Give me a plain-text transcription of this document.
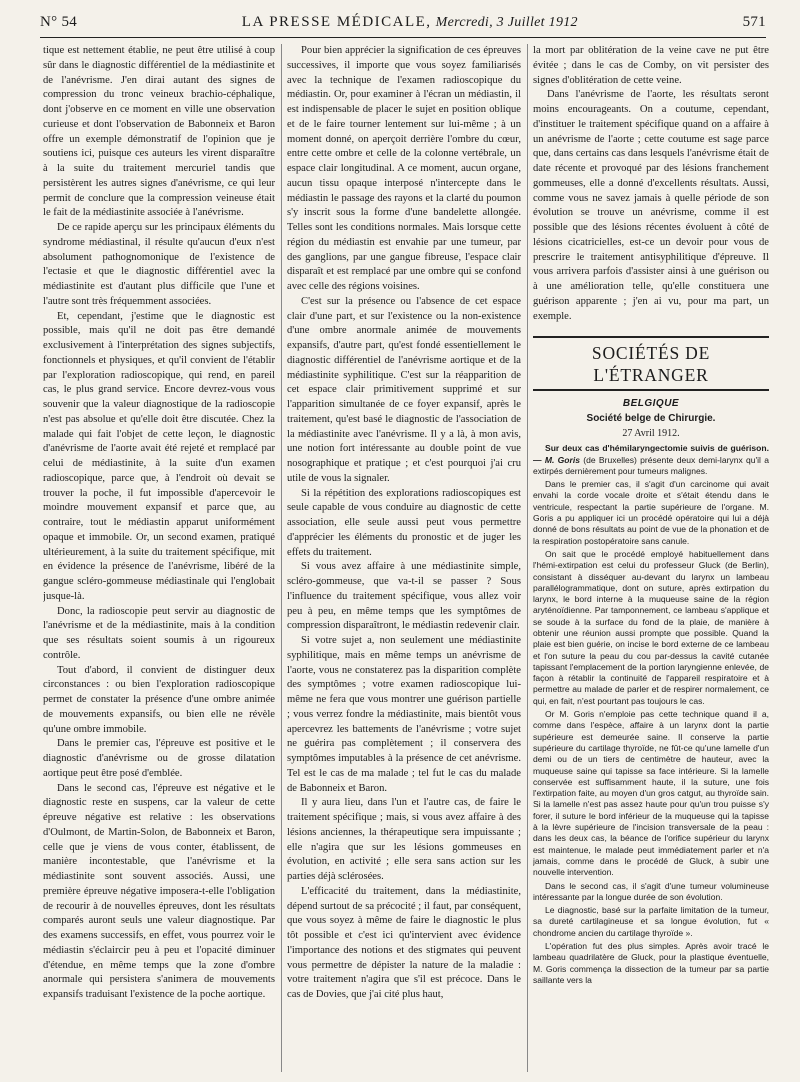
N° 54	LA PRESSE MÉDICALE, Mercredi, 3 Juillet 1912	571

tique est nettement établie, ne peut être utilisé à coup sûr dans le diagnostic différentiel de la médiastinite et de l'anévrisme. J'en dirai autant des signes de compression du tronc veineux brachio-céphalique, dont j'observe en ce moment en ville une observation curieuse et dont l'observation de Babonneix et Baron offre un exemple démonstratif de l'opinion que je soutiens ici, puisque ces auteurs les virent disparaître à la suite du traitement mercuriel tandis que persistèrent les autres signes d'anévrisme, ce qui leur permit de conclure que la compression veineuse était le fait de la médiastinite associée à l'anévrisme.

De ce rapide aperçu sur les principaux éléments du syndrome médiastinal, il résulte qu'aucun d'eux n'est absolument pathognomonique de l'existence de l'ectasie et que le diagnostic différentiel avec la médiastinite est d'autant plus difficile que l'une et l'autre sont très fréquemment associées.

Et, cependant, j'estime que le diagnostic est possible, mais qu'il ne doit pas être demandé exclusivement à l'interprétation des signes subjectifs, fonctionnels et physiques, et qu'il convient de l'établir par l'exploration radioscopique, qui rend, en pareil cas, le plus grand service. Encore devrez-vous vous souvenir que la valeur diagnostique de la radioscopie n'est pas absolue et qu'elle doit être discutée. Chez la malade qui fait l'objet de cette leçon, le diagnostic d'anévrisme de l'aorte avait été rejeté et remplacé par celui de médiastinite, à la suite d'un examen radioscopique, parce que, à l'endroit où devait se trouver la poche, il fut impossible d'apercevoir le moindre mouvement expansif et parce que, au contraire, tout le médiastin apparut uniformément opaque et immobile. Or, un second examen, pratiqué ultérieurement, à la suite du traitement spécifique, mit en évidence la présence de l'anévrisme, libéré de la gangue scléro-gommeuse médiastinale qui l'englobait jusque-là.

Donc, la radioscopie peut servir au diagnostic de l'anévrisme et de la médiastinite, mais à la condition que ses résultats soient soumis à un rigoureux contrôle.

Tout d'abord, il convient de distinguer deux circonstances : ou bien l'exploration radioscopique permet de constater la présence d'une ombre animée de mouvements expansifs, ou bien elle ne révèle qu'une ombre immobile.

Dans le premier cas, l'épreuve est positive et le diagnostic d'anévrisme ou de grosse dilatation aortique peut être posé d'emblée.

Dans le second cas, l'épreuve est négative et le diagnostic reste en suspens, car la valeur de cette épreuve négative est relative : les observations d'Oulmont, de Martin-Solon, de Babonneix et Baron, celle que je viens de vous conter, établissent, de manière incontestable, que l'anévrisme et la médiastinite sont souvent associés. Aussi, une première épreuve négative imposera-t-elle l'obligation de recourir à de nouvelles épreuves, dont les résultats comparés auront seuls une valeur diagnostique. Par des examens successifs, en effet, vous pourrez voir le médiastin s'éclaircir peu à peu et l'opacité diminuer d'étendue, en même temps que la zone d'ombre anormale qui persistera s'animera de mouvements expansifs traduisant l'existence de la poche aortique.

Pour bien apprécier la signification de ces épreuves successives, il importe que vous soyez familiarisés avec la technique de l'examen radioscopique du médiastin. Or, pour examiner à l'écran un médiastin, il est indispensable de placer le sujet en position oblique et de le faire tourner lentement sur lui-même ; à un moment donné, on aperçoit derrière l'ombre du cœur, entre cette ombre et celle de la colonne vertébrale, un espace clair longitudinal. A ce moment, aucun organe, aucun tissu opaque interposé n'intercepte dans le médiastin le passage des rayons et la clarté du poumon s'y inscrit sous la forme d'une bandelette allongée. Telles sont les conditions normales. Mais lorsque cette région du médiastin est envahie par une tumeur, par des ganglions, par une gangue fibreuse, l'espace clair disparaît et est remplacé par une ombre qui se confond avec celle des régions voisines.

C'est sur la présence ou l'absence de cet espace clair d'une part, et sur l'existence ou la non-existence d'une ombre anormale animée de mouvements expansifs, d'autre part, qu'est fondé essentiellement le diagnostic différentiel de l'anévrisme aortique et de la médiastinite syphilitique. C'est sur la réapparition de cet espace clair primitivement supprimé et sur l'apparition simultanée de ce foyer expansif, après le traitement, qu'est basé le diagnostic de l'association de la médiastinite avec l'anévrisme. Il y a là, à mon avis, une notion fort intéressante au double point de vue nosographique et pratique ; et c'est pourquoi j'ai cru utile de vous la signaler.

Si la répétition des explorations radioscopiques est seule capable de vous conduire au diagnostic de cette association, elle seule aussi peut vous permettre d'apprécier les éléments du pronostic et de juger les effets du traitement.

Si vous avez affaire à une médiastinite simple, scléro-gommeuse, que va-t-il se passer ? Sous l'influence du traitement spécifique, vous allez voir peu à peu, en même temps que les symptômes de compression disparaîtront, le médiastin redevenir clair.

Si votre sujet a, non seulement une médiastinite syphilitique, mais en même temps un anévrisme de l'aorte, vous ne constaterez pas la disparition complète des symptômes ; votre examen radioscopique lui-même ne fera que vous montrer une guérison partielle ; vous verrez fondre la médiastinite, mais bientôt vous apercevrez les battements de l'anévrisme ; votre sujet ne guérira pas complètement ; il conservera des symptômes imputables à la présence de cet anévrisme. Tel est le cas de ma malade ; tel fut le cas du malade de Babonneix et Baron.

Il y aura lieu, dans l'un et l'autre cas, de faire le traitement spécifique ; mais, si vous avez affaire à des lésions anciennes, la thérapeutique sera impuissante ; elle n'agira que sur les lésions gommeuses en évolution, en activité ; elle sera sans action sur les parties déjà sclérosées.

L'efficacité du traitement, dans la médiastinite, dépend surtout de sa précocité ; il faut, par conséquent, que vous soyez à même de faire le diagnostic le plus tôt possible et c'est ici qu'intervient avec évidence l'importance des notions et des stigmates qui peuvent vous permettre de dépister la nature de la maladie : votre traitement n'agira que s'il est précoce. Dans le cas de Dovies, que j'ai cité plus haut,

la mort par oblitération de la veine cave ne put être évitée ; dans le cas de Comby, on vit persister des signes d'oblitération de cette veine.

Dans l'anévrisme de l'aorte, les résultats seront moins encourageants. On a coutume, cependant, d'instituer le traitement spécifique quand on a affaire à un anévrisme de l'aorte ; cette coutume est sage parce que, dans certains cas dans lesquels l'anévrisme était de date récente et provoqué par des lésions franchement gommeuses, elle a donné d'excellents résultats. Aussi, comme vous ne savez jamais à quelle période de son évolution se trouve un anévrisme, comme il est possible que des lésions récentes évoluent à côté de lésions cicatricielles, est-ce un devoir pour vous de prescrire le traitement antisyphilitique d'épreuve. Il vous arrivera parfois d'assister ainsi à une guérison ou à une amélioration telle, qu'elle constituera une guérison apparente ; j'en ai vu, pour ma part, un exemple.

SOCIÉTÉS DE L'ÉTRANGER
BELGIQUE
Société belge de Chirurgie.
27 Avril 1912.

Sur deux cas d'hémilaryngectomie suivis de guérison. — M. Goris (de Bruxelles) présente deux demi-larynx qu'il a extirpés dernièrement pour tumeurs malignes.

Dans le premier cas, il s'agit d'un carcinome qui avait envahi la corde vocale droite et s'était étendu dans le ventricule, respectant la partie supérieure de l'organe. M. Goris a pu appliquer ici un procédé opératoire qui lui a déjà donné de bons résultats au point de vue de la phonation et de la respiration postopératoire sans canule.

On sait que le procédé employé habituellement dans l'hémi-extirpation est celui du professeur Gluck (de Berlin), consistant à disséquer au-devant du larynx un lambeau parallélogrammatique, dont on suture, après extirpation du larynx, le bord interne à la muqueuse saine de la région aryténoïdienne. Par tamponnement, ce lambeau s'applique et se soude à la surface du fond de la plaie, de manière à obtenir une réunion aussi prompte que possible. Quand la plaie est bien guérie, on incise le bord externe de ce lambeau et l'on suture la peau du cou par-dessus la cavité cutanée tapissant l'emplacement de la portion laryngienne enlevée, de façon à rétablir la continuité de l'appareil respiratoire et à permettre au malade de parler et de respirer normalement, ce qui, en fait, n'est pourtant pas toujours le cas.

Or M. Goris n'emploie pas cette technique quand il a, comme dans l'espèce, affaire à un larynx dont la partie supérieure est demeurée saine. Il conserve la partie supérieure du cartilage thyroïde, ne fût-ce qu'une lamelle d'un demi ou de un tiers de centimètre de hauteur, avec la muqueuse saine qui tapisse sa face intérieure. Si la lamelle conservée est suffisamment haute, il la suture, une fois l'extirpation faite, au moyen d'un gros catgut, au thyroïde sain. Si la lamelle n'est pas assez haute pour qu'un trou puisse s'y forer, il suture le bord inférieur de la muqueuse qui la tapisse à la lèvre supérieure de l'incision transversale de la peau : dans les deux cas, la béance de l'orifice supérieur du larynx est maintenue, le malade peut immédiatement parler et n'a jamais, comme dans le procédé de Gluck, à subir une nouvelle intervention.

Dans le second cas, il s'agit d'une tumeur volumineuse intéressante par la longue durée de son évolution.

Le diagnostic, basé sur la parfaite limitation de la tumeur, sa dureté cartilagineuse et sa longue évolution, fut « chondrome ancien du cartilage thyroïde ».

L'opération fut des plus simples. Après avoir tracé le lambeau quadrilatère de Gluck, pour la plastique éventuelle, M. Goris commença la dissection de la tumeur par sa partie saillante vers la
